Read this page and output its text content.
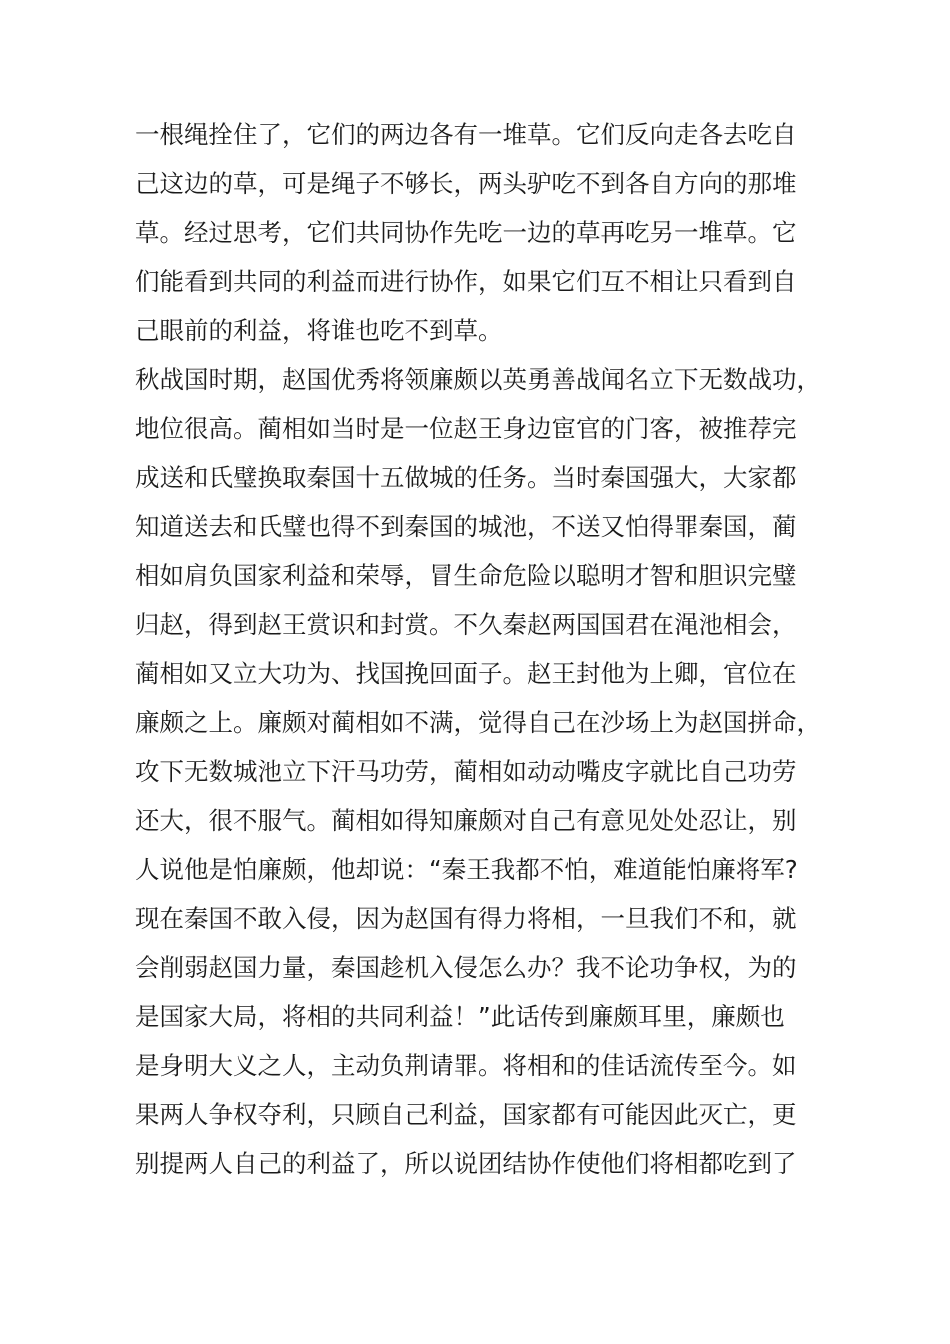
一根绳拴住了，它们的两边各有一堆草。它们反向走各去吃自
己这边的草，可是绳子不够长，两头驴吃不到各自方向的那堆
草。经过思考，它们共同协作先吃一边的草再吃另一堆草。它
们能看到共同的利益而进行协作，如果它们互不相让只看到自
己眼前的利益，将谁也吃不到草。
秋战国时期，赵国优秀将领廉颇以英勇善战闻名立下无数战功，
地位很高。蔺相如当时是一位赵王身边宦官的门客，被推荐完
成送和氏璧换取秦国十五做城的任务。当时秦国强大，大家都
知道送去和氏璧也得不到秦国的城池，不送又怕得罪秦国，蔺
相如肩负国家利益和荣辱，冒生命危险以聪明才智和胆识完璧
归赵，得到赵王赏识和封赏。不久秦赵两国国君在渑池相会，
蔺相如又立大功为、找国挽回面子。赵王封他为上卿，官位在
廉颇之上。廉颇对蔺相如不满，觉得自己在沙场上为赵国拼命，
攻下无数城池立下汗马功劳，蔺相如动动嘴皮字就比自己功劳
还大，很不服气。蔺相如得知廉颇对自己有意见处处忍让，别
人说他是怕廉颇，他却说：“秦王我都不怕，难道能怕廉将军?
现在秦国不敢入侵，因为赵国有得力将相，一旦我们不和，就
会削弱赵国力量，秦国趁机入侵怎么办？我不论功争权，为的
是国家大局，将相的共同利益！”此话传到廉颇耳里，廉颇也
是身明大义之人，主动负荆请罪。将相和的佳话流传至今。如
果两人争权夺利，只顾自己利益，国家都有可能因此灭亡，更
别提两人自己的利益了，所以说团结协作使他们将相都吃到了
